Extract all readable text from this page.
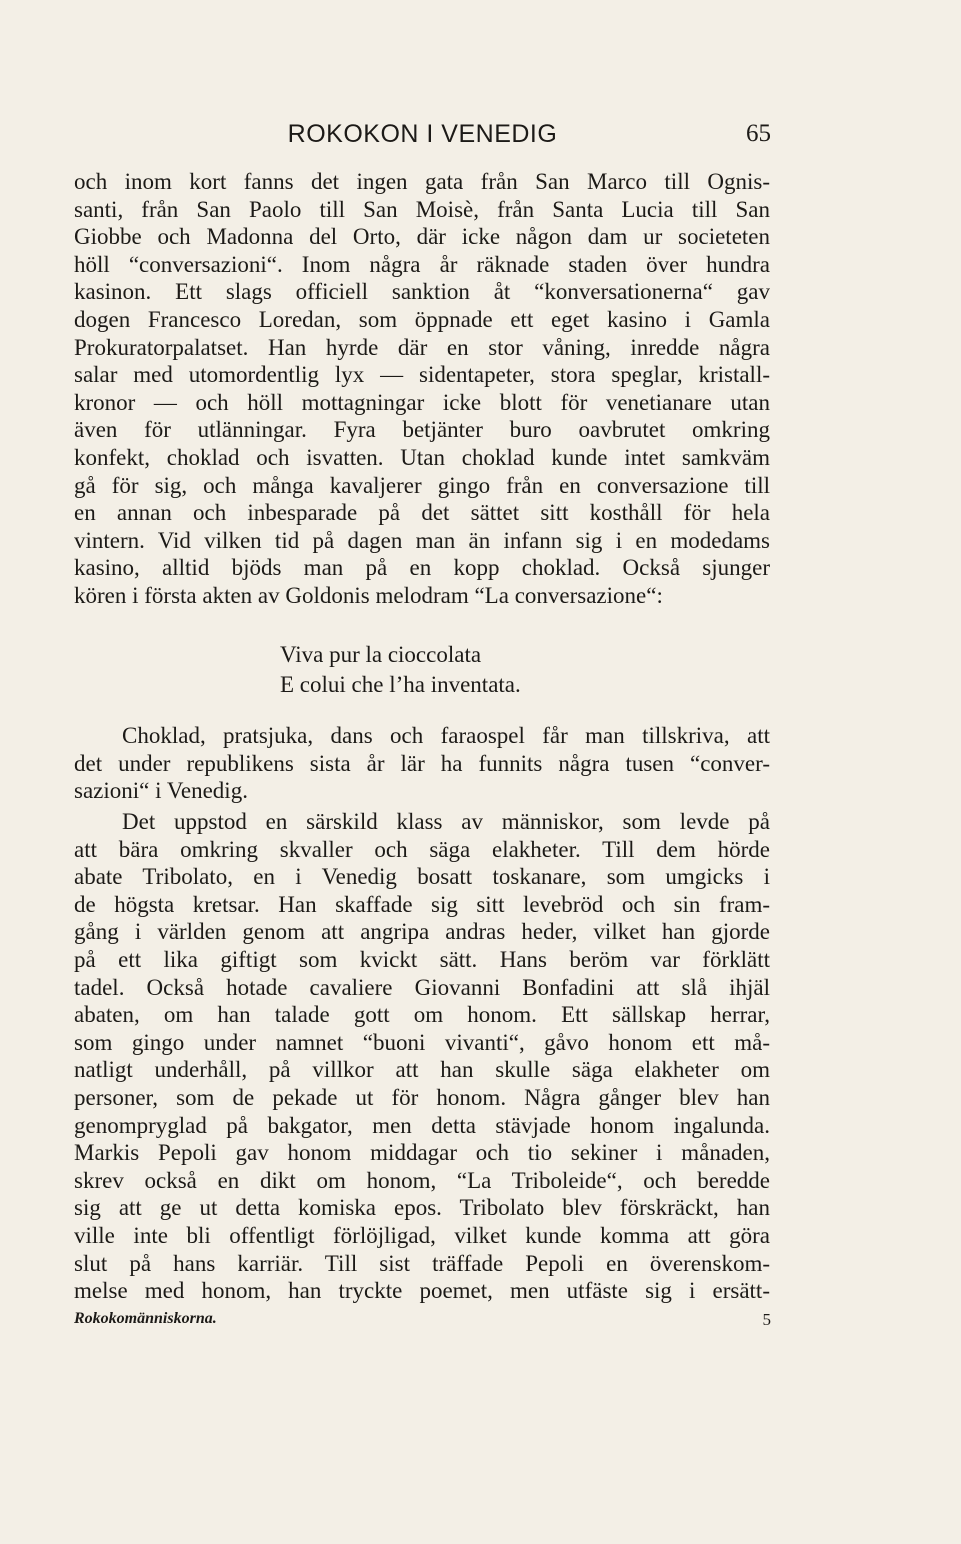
ROKOKON I VENEDIG	65
och inom kort fanns det ingen gata från San Marco till Ognis-
santi, från San Paolo till San Moisè, från Santa Lucia till San
Giobbe och Madonna del Orto, där icke någon dam ur societeten
höll “conversazioni“. Inom några år räknade staden över hundra
kasinon. Ett slags officiell sanktion åt “konversationerna“ gav
dogen Francesco Loredan, som öppnade ett eget kasino i Gamla
Prokuratorpalatset. Han hyrde där en stor våning, inredde några
salar med utomordentlig lyx — sidentapeter, stora speglar, kristall-
kronor — och höll mottagningar icke blott för venetianare utan
även för utlänningar. Fyra betjänter buro oavbrutet omkring
konfekt, choklad och isvatten. Utan choklad kunde intet samkväm
gå för sig, och många kavaljerer gingo från en conversazione till
en annan och inbesparade på det sättet sitt kosthåll för hela
vintern. Vid vilken tid på dagen man än infann sig i en modedams
kasino, alltid bjöds man på en kopp choklad. Också sjunger
kören i första akten av Goldonis melodram “La conversazione“:
Viva pur la cioccolata
E colui che l’ha inventata.
Choklad, pratsjuka, dans och faraospel får man tillskriva, att
det under republikens sista år lär ha funnits några tusen “conver-
sazioni“ i Venedig.
Det uppstod en särskild klass av människor, som levde på
att bära omkring skvaller och säga elakheter. Till dem hörde
abate Tribolato, en i Venedig bosatt toskanare, som umgicks i
de högsta kretsar. Han skaffade sig sitt levebröd och sin fram-
gång i världen genom att angripa andras heder, vilket han gjorde
på ett lika giftigt som kvickt sätt. Hans beröm var förklätt
tadel. Också hotade cavaliere Giovanni Bonfadini att slå ihjäl
abaten, om han talade gott om honom. Ett sällskap herrar,
som gingo under namnet “buoni vivanti“, gåvo honom ett må-
natligt underhåll, på villkor att han skulle säga elakheter om
personer, som de pekade ut för honom. Några gånger blev han
genompryglad på bakgator, men detta stävjade honom ingalunda.
Markis Pepoli gav honom middagar och tio sekiner i månaden,
skrev också en dikt om honom, “La Triboleide“, och beredde
sig att ge ut detta komiska epos. Tribolato blev förskräckt, han
ville inte bli offentligt förlöjligad, vilket kunde komma att göra
slut på hans karriär. Till sist träffade Pepoli en överenskom-
melse med honom, han tryckte poemet, men utfäste sig i ersätt-
Rokokomänniskorna.	5
